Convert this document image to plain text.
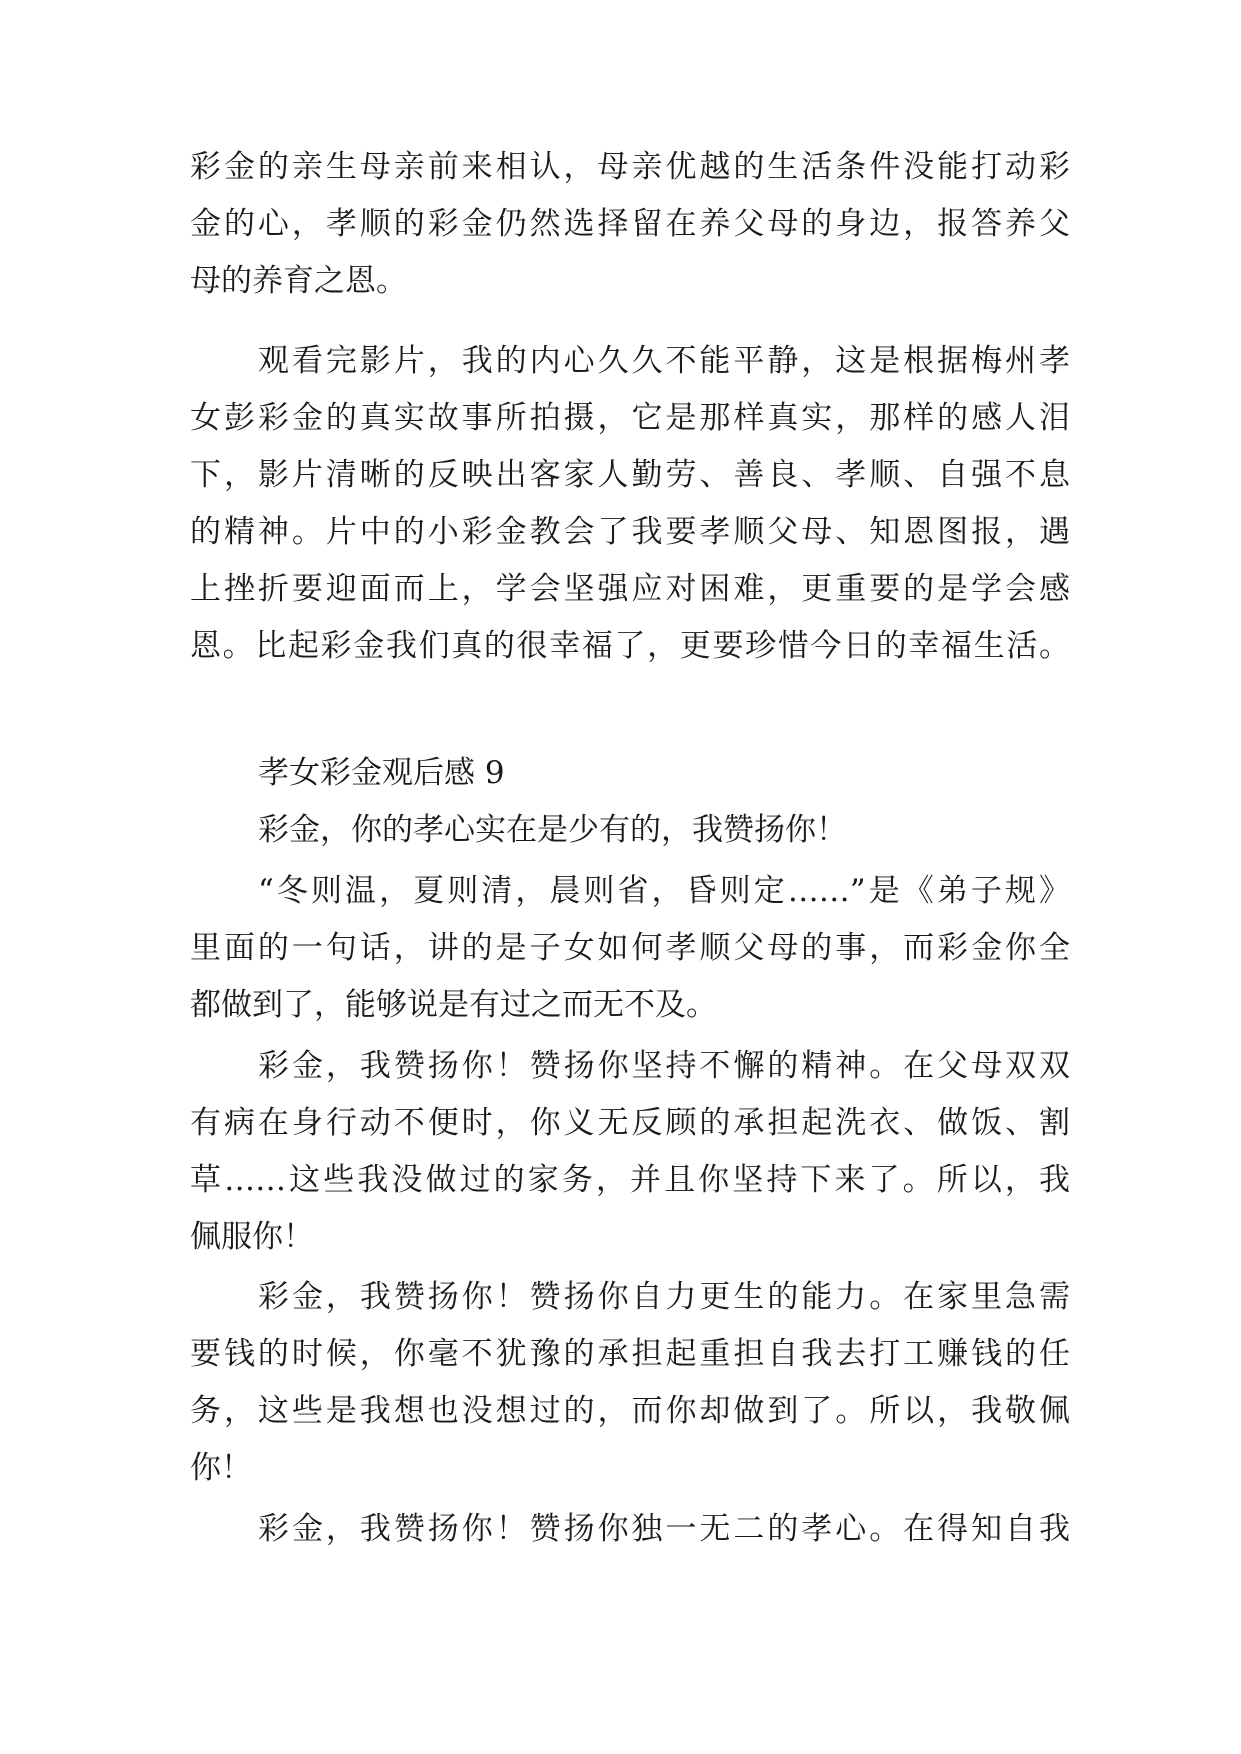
彩金的亲生母亲前来相认，母亲优越的生活条件没能打动彩
金的心，孝顺的彩金仍然选择留在养父母的身边，报答养父
母的养育之恩。
观看完影片，我的内心久久不能平静，这是根据梅州孝
女彭彩金的真实故事所拍摄，它是那样真实，那样的感人泪
下，影片清晰的反映出客家人勤劳、善良、孝顺、自强不息
的精神。片中的小彩金教会了我要孝顺父母、知恩图报，遇
上挫折要迎面而上，学会坚强应对困难，更重要的是学会感
恩。比起彩金我们真的很幸福了，更要珍惜今日的幸福生活。
孝女彩金观后感 9
彩金，你的孝心实在是少有的，我赞扬你！
“冬则温，夏则清，晨则省，昏则定……”是《弟子规》
里面的一句话，讲的是子女如何孝顺父母的事，而彩金你全
都做到了，能够说是有过之而无不及。
彩金，我赞扬你！赞扬你坚持不懈的精神。在父母双双
有病在身行动不便时，你义无反顾的承担起洗衣、做饭、割
草……这些我没做过的家务，并且你坚持下来了。所以，我
佩服你！
彩金，我赞扬你！赞扬你自力更生的能力。在家里急需
要钱的时候，你毫不犹豫的承担起重担自我去打工赚钱的任
务，这些是我想也没想过的，而你却做到了。所以，我敬佩
你！
彩金，我赞扬你！赞扬你独一无二的孝心。在得知自我
